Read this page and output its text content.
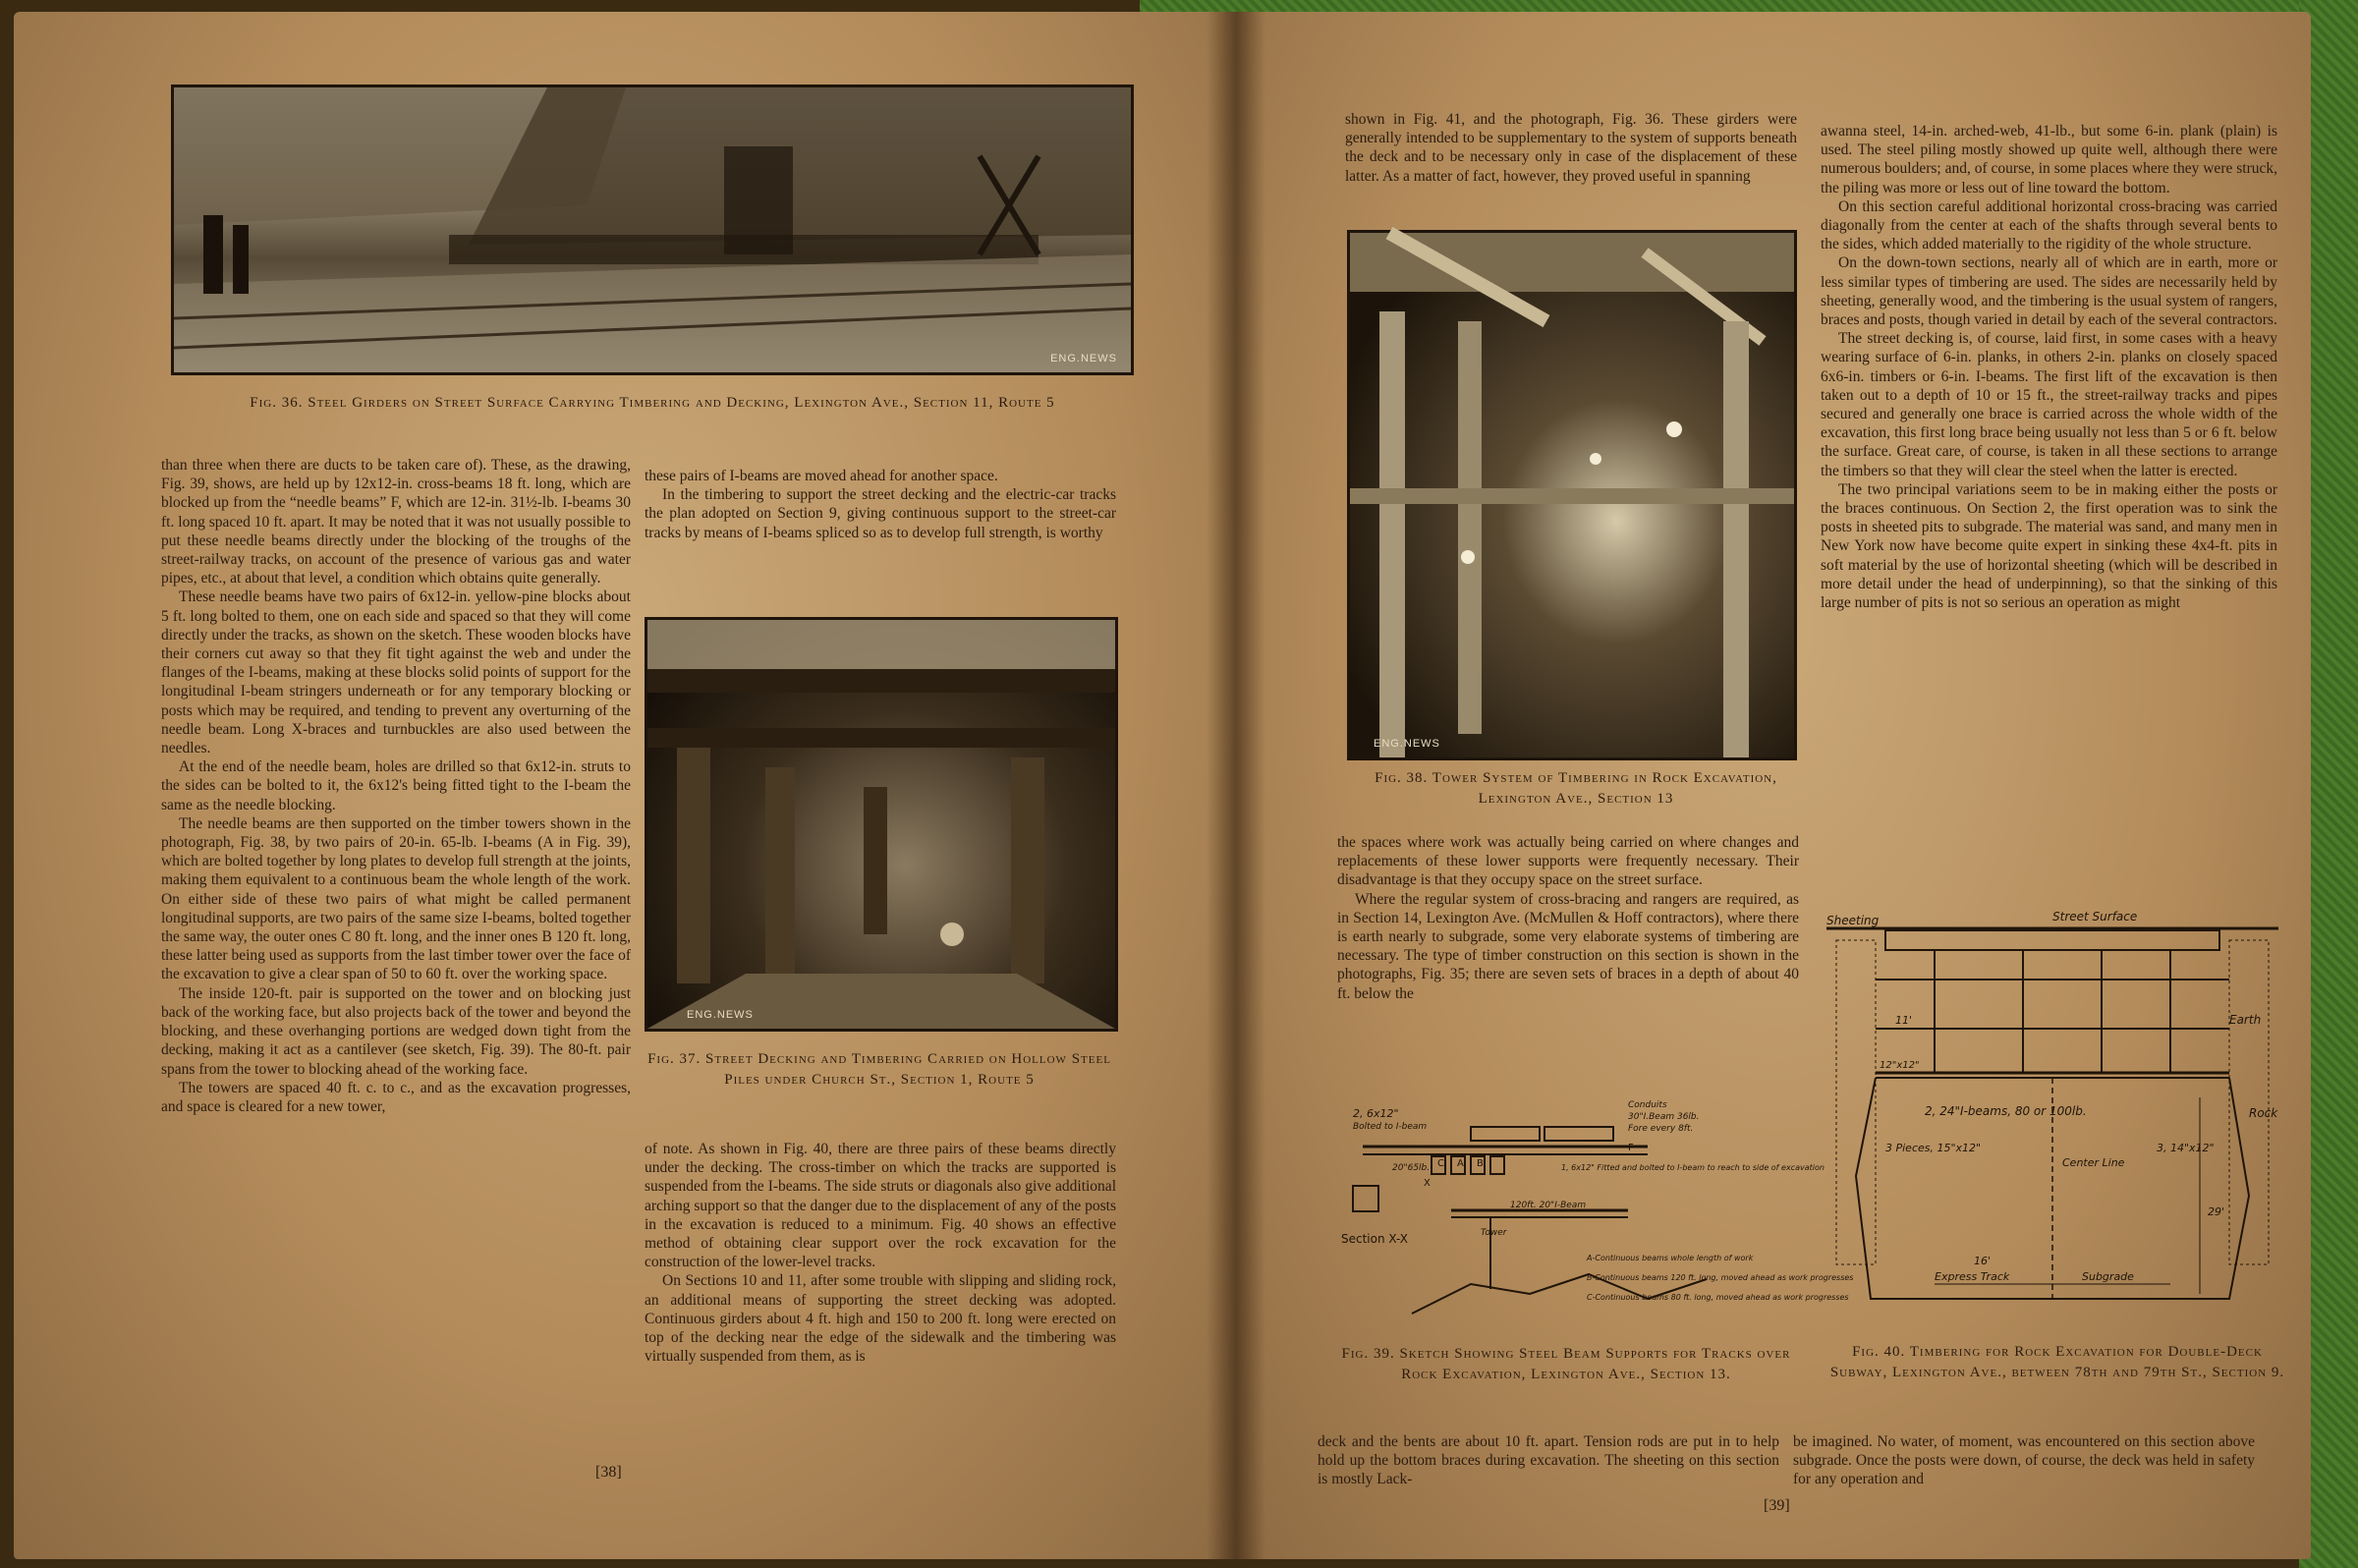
ENG.NEWS
Fig. 36. Steel Girders on Street Surface Carrying Timbering and Decking, Lexington Ave., Section 11, Route 5

than three when there are ducts to be taken care of). These, as the drawing, Fig. 39, shows, are held up by 12x12-in. cross-beams 18 ft. long, which are blocked up from the “needle beams” F, which are 12-in. 31½-lb. I-beams 30 ft. long spaced 10 ft. apart. It may be noted that it was not usually possible to put these needle beams directly under the blocking of the troughs of the street-railway tracks, on account of the presence of various gas and water pipes, etc., at about that level, a condition which obtains quite generally.

These needle beams have two pairs of 6x12-in. yellow-pine blocks about 5 ft. long bolted to them, one on each side and spaced so that they will come directly under the tracks, as shown on the sketch. These wooden blocks have their corners cut away so that they fit tight against the web and under the flanges of the I-beams, making at these blocks solid points of support for the longitudinal I-beam stringers underneath or for any temporary blocking or posts which may be required, and tending to prevent any overturning of the needle beam. Long X-braces and turnbuckles are also used between the needles.

At the end of the needle beam, holes are drilled so that 6x12-in. struts to the sides can be bolted to it, the 6x12's being fitted tight to the I-beam the same as the needle blocking.

The needle beams are then supported on the timber towers shown in the photograph, Fig. 38, by two pairs of 20-in. 65-lb. I-beams (A in Fig. 39), which are bolted together by long plates to develop full strength at the joints, making them equivalent to a continuous beam the whole length of the work. On either side of these two pairs of what might be called permanent longitudinal supports, are two pairs of the same size I-beams, bolted together the same way, the outer ones C 80 ft. long, and the inner ones B 120 ft. long, these latter being used as supports from the last timber tower over the face of the excavation to give a clear span of 50 to 60 ft. over the working space.

The inside 120-ft. pair is supported on the tower and on blocking just back of the working face, but also projects back of the tower and beyond the blocking, and these overhanging portions are wedged down tight from the decking, making it act as a cantilever (see sketch, Fig. 39). The 80-ft. pair spans from the tower to blocking ahead of the working face.

The towers are spaced 40 ft. c. to c., and as the excavation progresses, and space is cleared for a new tower,

these pairs of I-beams are moved ahead for another space.

In the timbering to support the street decking and the electric-car tracks the plan adopted on Section 9, giving continuous support to the street-car tracks by means of I-beams spliced so as to develop full strength, is worthy

ENG.NEWS
Fig. 37. Street Decking and Timbering Carried on Hollow Steel Piles under Church St., Section 1, Route 5

of note. As shown in Fig. 40, there are three pairs of these beams directly under the decking. The cross-timber on which the tracks are supported is suspended from the I-beams. The side struts or diagonals also give additional arching support so that the danger due to the displacement of any of the posts in the excavation is reduced to a minimum. Fig. 40 shows an effective method of obtaining clear support over the rock excavation for the construction of the lower-level tracks.

On Sections 10 and 11, after some trouble with slipping and sliding rock, an additional means of supporting the street decking was adopted. Continuous girders about 4 ft. high and 150 to 200 ft. long were erected on top of the decking near the edge of the sidewalk and the timbering was virtually suspended from them, as is

[38]

shown in Fig. 41, and the photograph, Fig. 36. These girders were generally intended to be supplementary to the system of supports beneath the deck and to be necessary only in case of the displacement of these latter. As a matter of fact, however, they proved useful in spanning

ENG.NEWS
Fig. 38. Tower System of Timbering in Rock Excavation, Lexington Ave., Section 13

the spaces where work was actually being carried on where changes and replacements of these lower supports were frequently necessary. Their disadvantage is that they occupy space on the street surface.

Where the regular system of cross-bracing and rangers are required, as in Section 14, Lexington Ave. (McMullen & Hoff contractors), where there is earth nearly to subgrade, some very elaborate systems of timbering are necessary. The type of timber construction on this section is shown in the photographs, Fig. 35; there are seven sets of braces in a depth of about 40 ft. below the

awanna steel, 14-in. arched-web, 41-lb., but some 6-in. plank (plain) is used. The steel piling mostly showed up quite well, although there were numerous boulders; and, of course, in some places where they were struck, the piling was more or less out of line toward the bottom.

On this section careful additional horizontal cross-bracing was carried diagonally from the center at each of the shafts through several bents to the sides, which added materially to the rigidity of the whole structure.

On the down-town sections, nearly all of which are in earth, more or less similar types of timbering are used. The sides are necessarily held by sheeting, generally wood, and the timbering is the usual system of rangers, braces and posts, though varied in detail by each of the several contractors.

The street decking is, of course, laid first, in some cases with a heavy wearing surface of 6-in. planks, in others 2-in. planks on closely spaced 6x6-in. timbers or 6-in. I-beams. The first lift of the excavation is then taken out to a depth of 10 or 15 ft., the street-railway tracks and pipes secured and generally one brace is carried across the whole width of the excavation, this first long brace being usually not less than 5 or 6 ft. below the surface. Great care, of course, is taken in all these sections to arrange the timbers so that they will clear the steel when the latter is erected.

The two principal variations seem to be in making either the posts or the braces continuous. On Section 2, the first operation was to sink the posts in sheeted pits to subgrade. The material was sand, and many men in New York now have become quite expert in sinking these 4x4-ft. pits in soft material by the use of horizontal sheeting (which will be described in more detail under the head of underpinning), so that the sinking of this large number of pits is not so serious an operation as might

2, 6x12"
Bolted to I-beam
Conduits
30"I.Beam 36lb.
Fore every 8ft.
20"65lb.	1, 6x12" Fitted and bolted to I-beam to reach to side of excavation
120ft. 20"I-Beam
Tower
Section X-X
C A B
X
F
A-Continuous beams whole length of work
B-Continuous beams 120 ft. long, moved ahead as work progresses
C-Continuous beams 80 ft. long, moved ahead as work progresses
Fig. 39. Sketch Showing Steel Beam Supports for Tracks over Rock Excavation, Lexington Ave., Section 13.
Sheeting	Street Surface
Earth
Rock
2, 24"I-beams, 80 or 100lb.
3 Pieces, 15"x12"
Center Line
Express Track	Subgrade
16'
29'
3, 14"x12"
11'
12"x12"
Fig. 40. Timbering for Rock Excavation for Double-Deck Subway, Lexington Ave., between 78th and 79th St., Section 9.

deck and the bents are about 10 ft. apart. Tension rods are put in to help hold up the bottom braces during excavation. The sheeting on this section is mostly Lack-

be imagined. No water, of moment, was encountered on this section above subgrade. Once the posts were down, of course, the deck was held in safety for any operation and

[39]
